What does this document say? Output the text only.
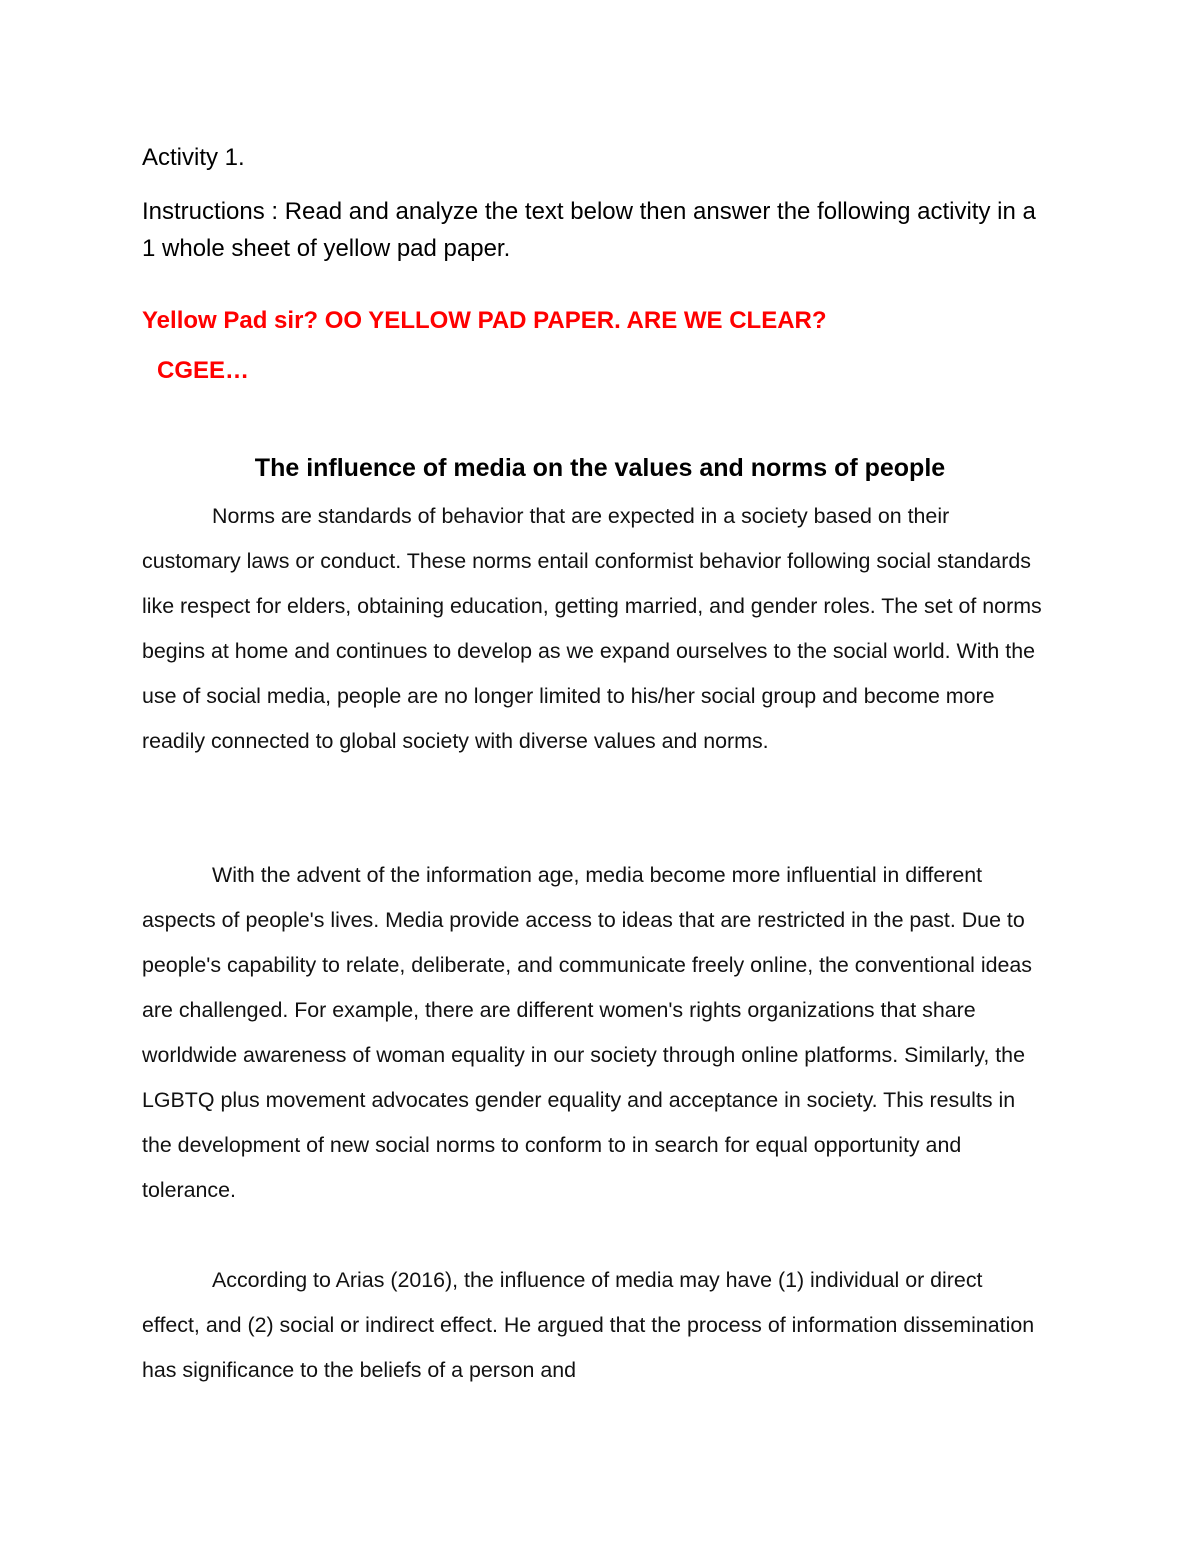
Activity 1.

Instructions : Read and analyze the text below then answer the following activity in a 1 whole sheet of yellow pad paper.

Yellow Pad sir? OO YELLOW PAD PAPER. ARE WE CLEAR?

CGEE…

The influence of media on the values and norms of people

Norms are standards of behavior that are expected in a society based on their customary laws or conduct. These norms entail conformist behavior following social standards like respect for elders, obtaining education, getting married, and gender roles. The set of norms begins at home and continues to develop as we expand ourselves to the social world. With the use of social media, people are no longer limited to his/her social group and become more readily connected to global society with diverse values and norms.

With the advent of the information age, media become more influential in different aspects of people's lives. Media provide access to ideas that are restricted in the past. Due to people's capability to relate, deliberate, and communicate freely online, the conventional ideas are challenged. For example, there are different women's rights organizations that share worldwide awareness of woman equality in our society through online platforms. Similarly, the LGBTQ plus movement advocates gender equality and acceptance in society. This results in the development of new social norms to conform to in search for equal opportunity and tolerance.

According to Arias (2016), the influence of media may have (1) individual or direct effect, and (2) social or indirect effect. He argued that the process of information dissemination has significance to the beliefs of a person and
